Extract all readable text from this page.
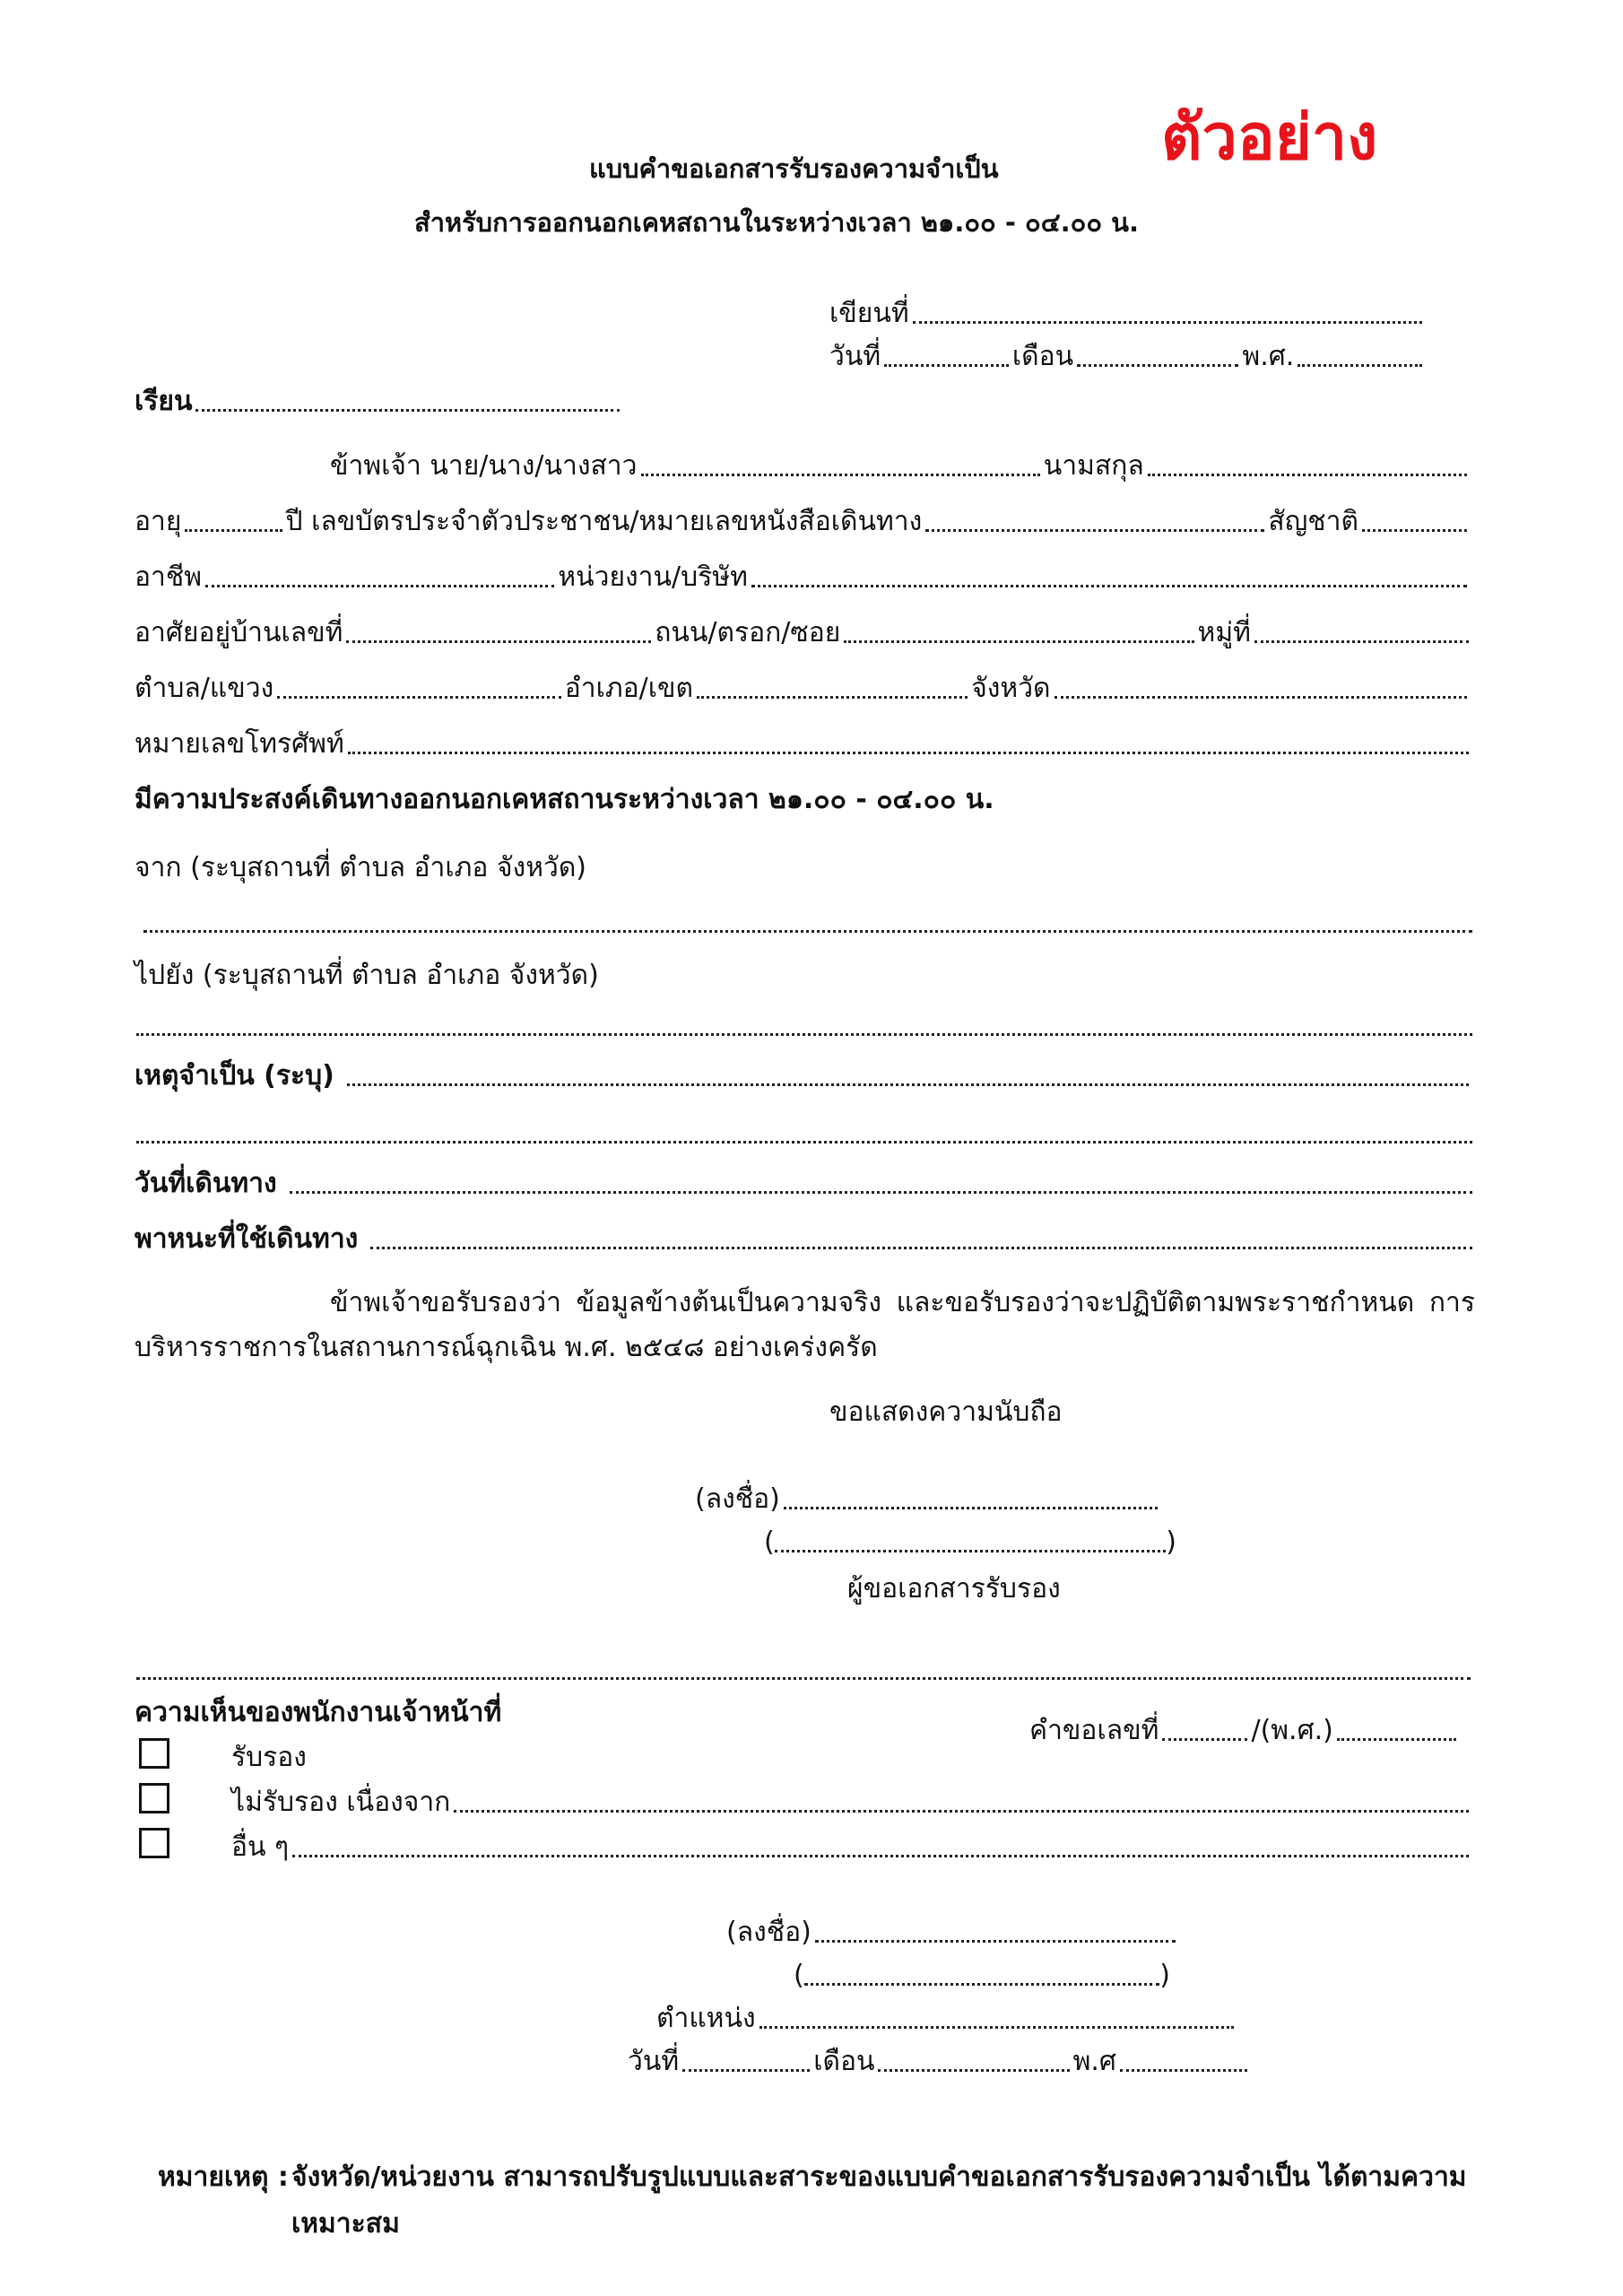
ตัวอย่าง
แบบคำขอเอกสารรับรองความจำเป็น
สำหรับการออกนอกเคหสถานในระหว่างเวลา ๒๑.๐๐ - ๐๔.๐๐ น.
เขียนที่
วันที่	เดือน	พ.ศ.
เรียน
ข้าพเจ้า นาย/นาง/นางสาว	นามสกุล
อายุ	ปี เลขบัตรประจำตัวประชาชน/หมายเลขหนังสือเดินทาง	สัญชาติ
อาชีพ	หน่วยงาน/บริษัท
อาศัยอยู่บ้านเลขที่	ถนน/ตรอก/ซอย	หมู่ที่
ตำบล/แขวง	อำเภอ/เขต	จังหวัด
หมายเลขโทรศัพท์
มีความประสงค์เดินทางออกนอกเคหสถานระหว่างเวลา ๒๑.๐๐ - ๐๔.๐๐ น.
จาก (ระบุสถานที่ ตำบล อำเภอ จังหวัด)
ไปยัง (ระบุสถานที่ ตำบล อำเภอ จังหวัด)
เหตุจำเป็น (ระบุ)
วันที่เดินทาง
พาหนะที่ใช้เดินทาง
ข้าพเจ้าขอรับรองว่า ข้อมูลข้างต้นเป็นความจริง และขอรับรองว่าจะปฏิบัติตามพระราชกำหนด การบริหารราชการในสถานการณ์ฉุกเฉิน พ.ศ. ๒๕๔๘ อย่างเคร่งครัด
ขอแสดงความนับถือ
(ลงชื่อ)
(	)
ผู้ขอเอกสารรับรอง
ความเห็นของพนักงานเจ้าหน้าที่
คำขอเลขที่	/(พ.ศ.)
รับรอง
ไม่รับรอง เนื่องจาก
อื่น ๆ
(ลงชื่อ)
(	)
ตำแหน่ง
วันที่	เดือน	พ.ศ
หมายเหตุ : จังหวัด/หน่วยงาน สามารถปรับรูปแบบและสาระของแบบคำขอเอกสารรับรองความจำเป็น ได้ตามความ
เหมาะสม
